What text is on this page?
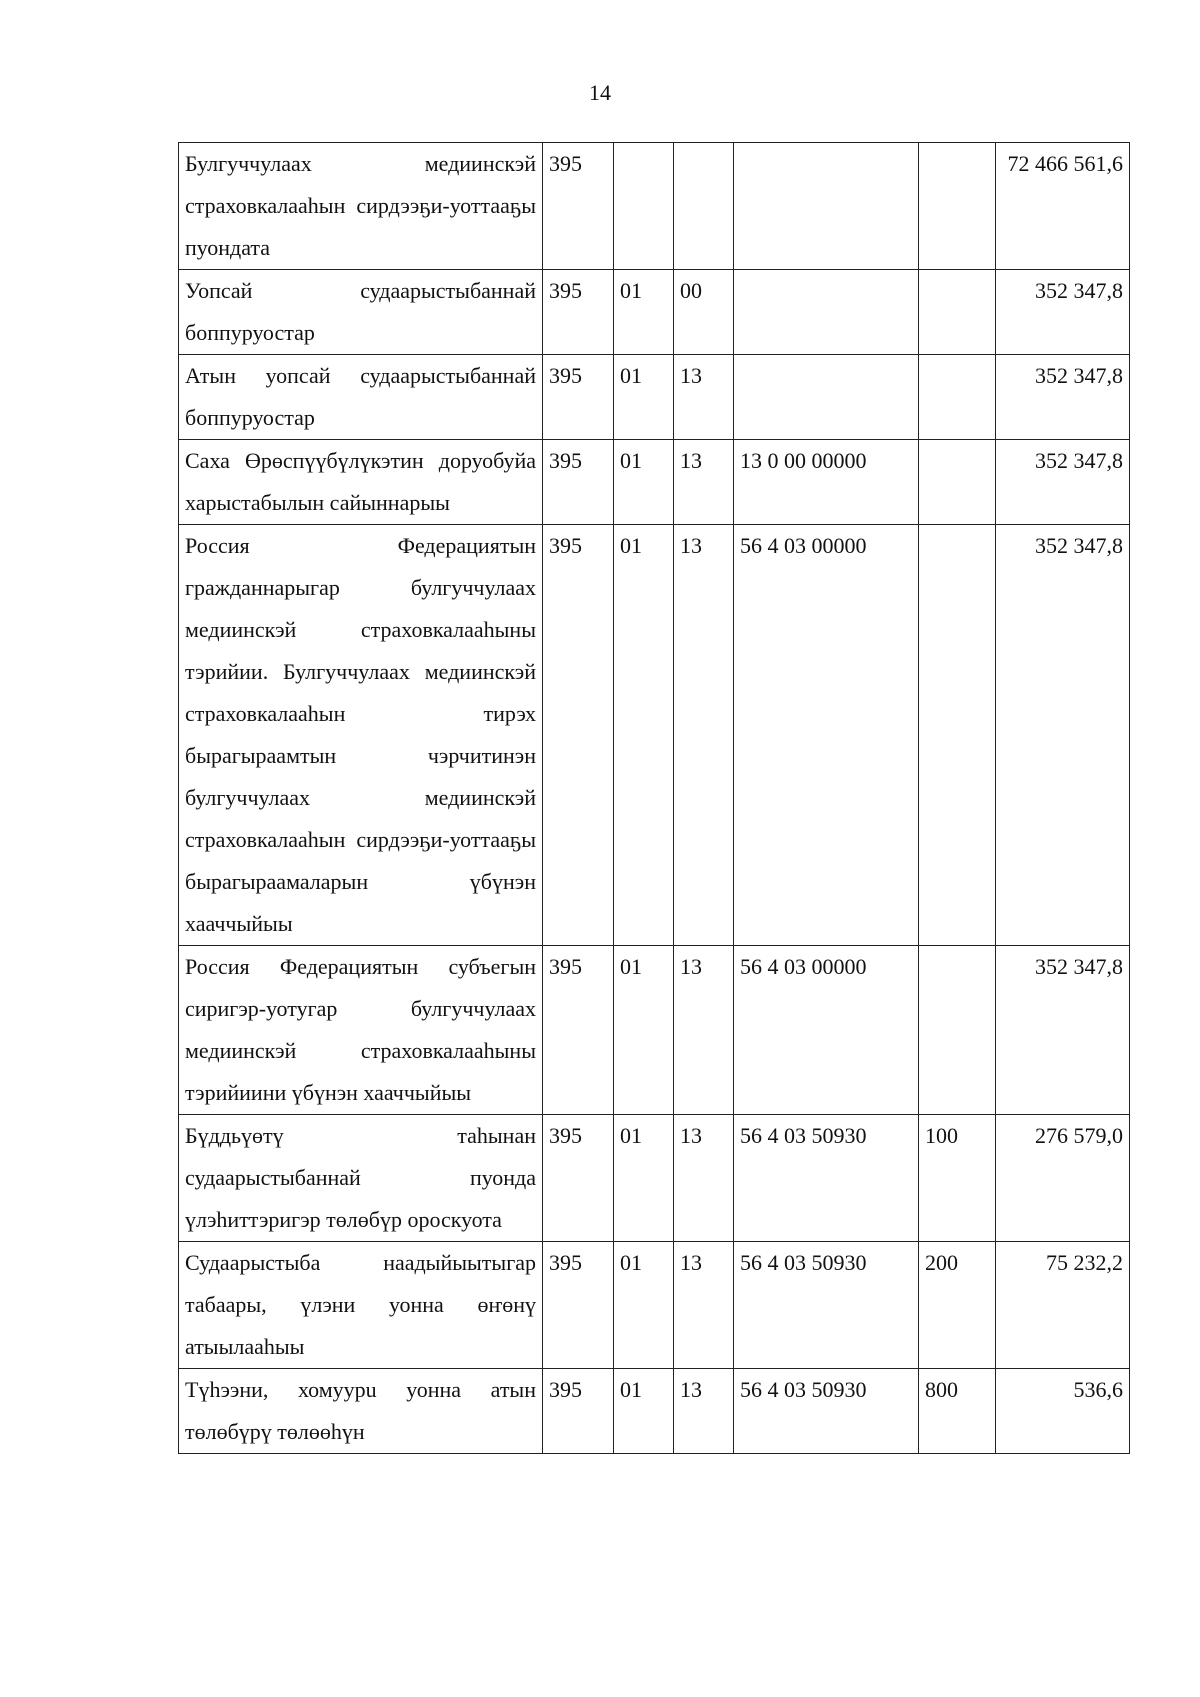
14
Булгуччулаах медиинскэй страховкалааһын сирдээҕи-уоттааҕы пуондата	395					72 466 561,6
Уопсай судаарыстыбаннай боппуруостар	395	01	00			352 347,8
Атын уопсай судаарыстыбаннай боппуруостар	395	01	13			352 347,8
Саха Өрөспүүбүлүкэтин доруобуйа харыстабылын сайыннарыы	395	01	13	13 0 00 00000		352 347,8
Россия Федерациятын гражданнарыгар булгуччулаах медиинскэй страховкалааһыны тэрийии. Булгуччулаах медиинскэй страховкалааһын тирэх бырагыраамтын чэрчитинэн булгуччулаах медиинскэй страховкалааһын сирдээҕи-уоттааҕы бырагыраамаларын үбүнэн хааччыйыы	395	01	13	56 4 03 00000		352 347,8
Россия Федерациятын субъегын сиригэр-уотугар булгуччулаах медиинскэй страховкалааһыны тэрийиини үбүнэн хааччыйыы	395	01	13	56 4 03 00000		352 347,8
Бүддьүөтү таһынан судаарыстыбаннай пуонда үлэһиттэригэр төлөбүр ороскуота	395	01	13	56 4 03 50930	100	276 579,0
Судаарыстыба наадыйыытыгар табаары, үлэни уонна өҥөнү атыылааһыы	395	01	13	56 4 03 50930	200	75 232,2
Түһээни, хомуурu уонна атын төлөбүрү төлөөһүн	395	01	13	56 4 03 50930	800	536,6
